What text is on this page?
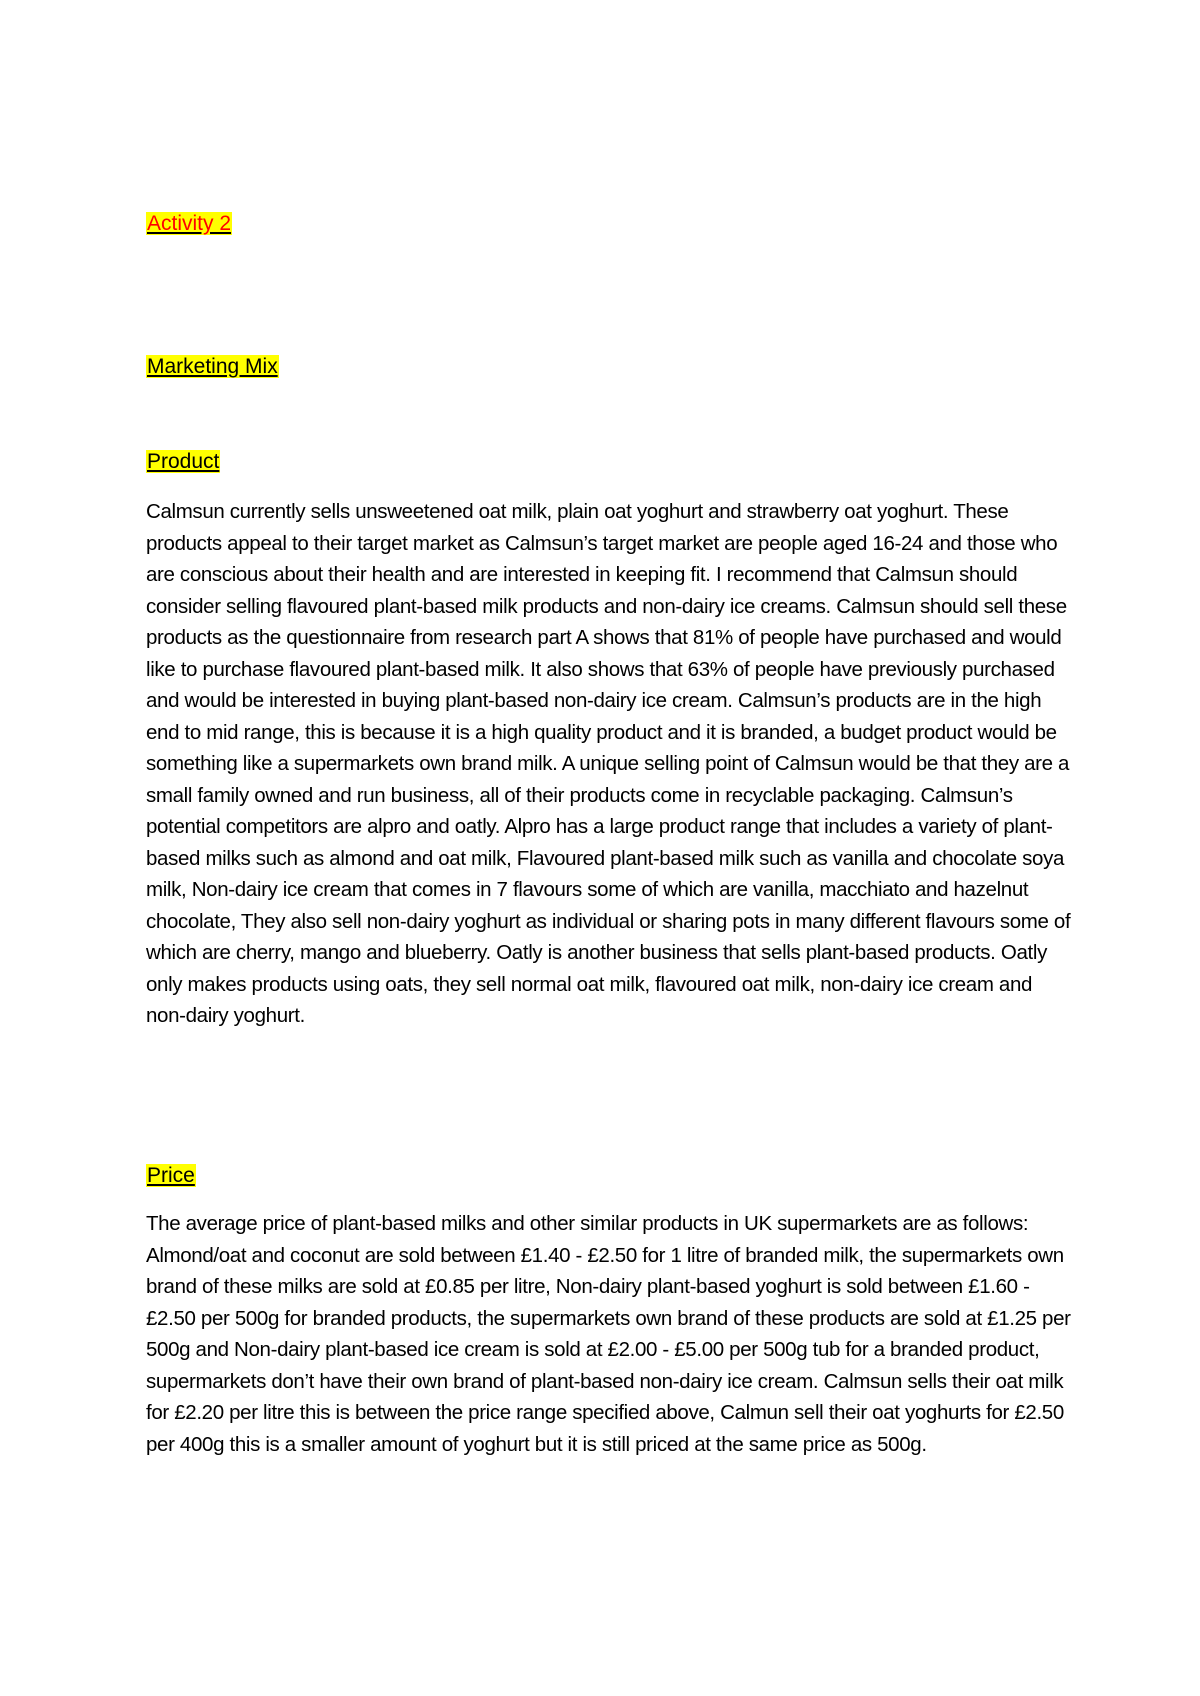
Activity 2
Marketing Mix
Product

Calmsun currently sells unsweetened oat milk, plain oat yoghurt and strawberry oat yoghurt. These products appeal to their target market as Calmsun’s target market are people aged 16-24 and those who are conscious about their health and are interested in keeping fit. I recommend that Calmsun should consider selling flavoured plant-based milk products and non-dairy ice creams. Calmsun should sell these products as the questionnaire from research part A shows that 81% of people have purchased and would like to purchase flavoured plant-based milk. It also shows that 63% of people have previously purchased and would be interested in buying plant-based non-dairy ice cream. Calmsun’s products are in the high end to mid range, this is because it is a high quality product and it is branded, a budget product would be something like a supermarkets own brand milk. A unique selling point of Calmsun would be that they are a small family owned and run business, all of their products come in recyclable packaging. Calmsun’s potential competitors are alpro and oatly. Alpro has a large product range that includes a variety of plant-based milks such as almond and oat milk, Flavoured plant-based milk such as vanilla and chocolate soya milk, Non-dairy ice cream that comes in 7 flavours some of which are vanilla, macchiato and hazelnut chocolate, They also sell non-dairy yoghurt as individual or sharing pots in many different flavours some of which are cherry, mango and blueberry. Oatly is another business that sells plant-based products. Oatly only makes products using oats, they sell normal oat milk, flavoured oat milk, non-dairy ice cream and non-dairy yoghurt.

Price

The average price of plant-based milks and other similar products in UK supermarkets are as follows: Almond/oat and coconut are sold between £1.40 - £2.50 for 1 litre of branded milk, the supermarkets own brand of these milks are sold at £0.85 per litre, Non-dairy plant-based yoghurt is sold between £1.60 - £2.50 per 500g for branded products, the supermarkets own brand of these products are sold at £1.25 per 500g and Non-dairy plant-based ice cream is sold at £2.00 - £5.00 per 500g tub for a branded product, supermarkets don’t have their own brand of plant-based non-dairy ice cream. Calmsun sells their oat milk for £2.20 per litre this is between the price range specified above, Calmun sell their oat yoghurts for £2.50 per 400g this is a smaller amount of yoghurt but it is still priced at the same price as 500g.
